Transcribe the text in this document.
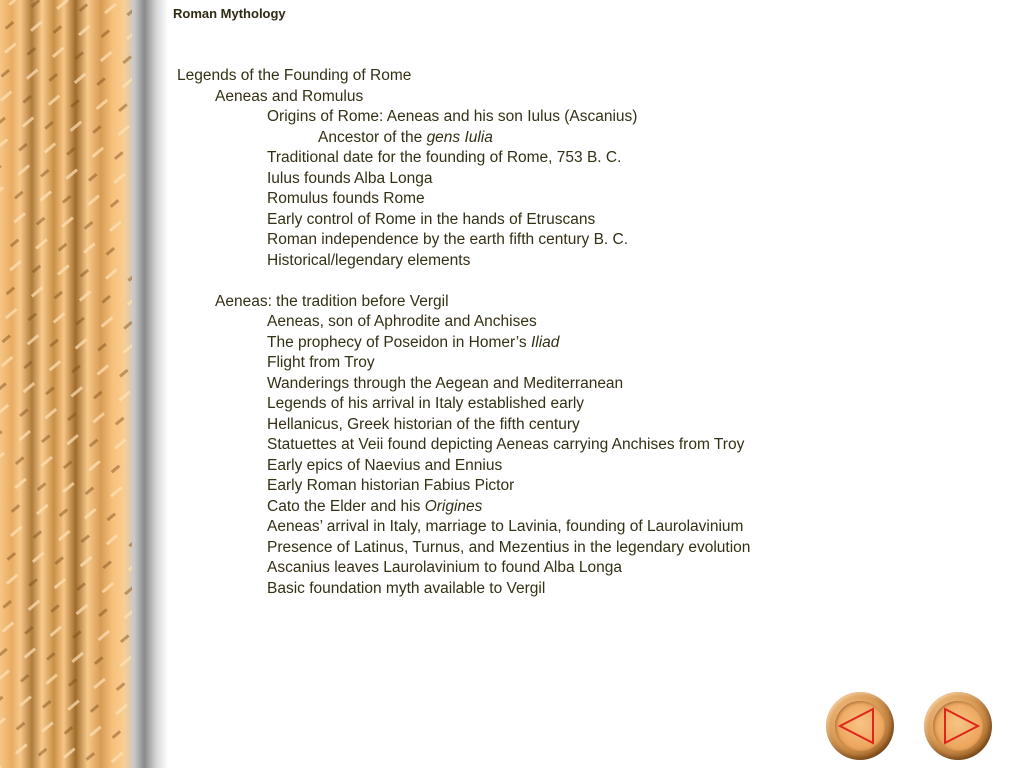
Roman Mythology
Legends of the Founding of Rome
Aeneas and Romulus
Origins of Rome: Aeneas and his son Iulus (Ascanius)
Ancestor of the gens Iulia
Traditional date for the founding of Rome, 753 B. C.
Iulus founds Alba Longa
Romulus founds Rome
Early control of Rome in the hands of Etruscans
Roman independence by the earth fifth century B. C.
Historical/legendary elements
Aeneas: the tradition before Vergil
Aeneas, son of Aphrodite and Anchises
The prophecy of Poseidon in Homer’s Iliad
Flight from Troy
Wanderings through the Aegean and Mediterranean
Legends of his arrival in Italy established early
Hellanicus, Greek historian of the fifth century
Statuettes at Veii found depicting Aeneas carrying Anchises from Troy
Early epics of Naevius and Ennius
Early Roman historian Fabius Pictor
Cato the Elder and his Origines
Aeneas’ arrival in Italy, marriage to Lavinia, founding of Laurolavinium
Presence of Latinus, Turnus, and Mezentius in the legendary evolution
Ascanius leaves Laurolavinium to found Alba Longa
Basic foundation myth available to Vergil
